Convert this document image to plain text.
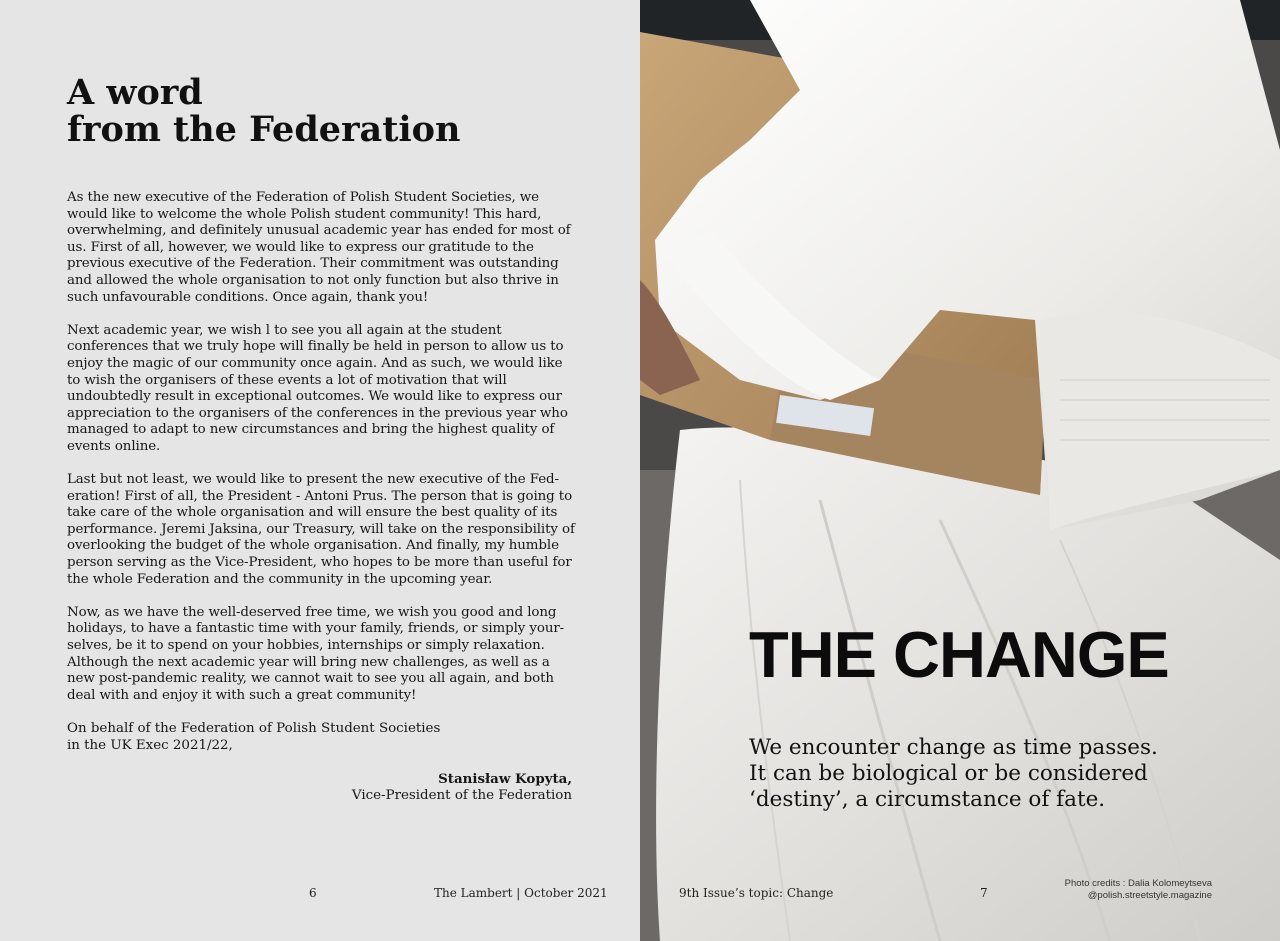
A word
from the Federation

As the new executive of the Federation of Polish Student Societies, we would like to welcome the whole Polish student community! This hard, overwhelming, and definitely unusual academic year has ended for most of us. First of all, however, we would like to express our gratitude to the previous executive of the Federation. Their commitment was outstanding and allowed the whole organisation to not only function but also thrive in such unfavourable conditions. Once again, thank you!

Next academic year, we wish l to see you all again at the student conferences that we truly hope will finally be held in person to allow us to enjoy the magic of our community once again. And as such, we would like to wish the organisers of these events a lot of motivation that will undoubtedly result in exceptional outcomes. We would like to express our appreciation to the organisers of the conferences in the previous year who managed to adapt to new circumstances and bring the highest quality of events online.

Last but not least, we would like to present the new executive of the Federation! First of all, the President - Antoni Prus. The person that is going to take care of the whole organisation and will ensure the best quality of its performance. Jeremi Jaksina, our Treasury, will take on the responsibility of overlooking the budget of the whole organisation. And finally, my humble person serving as the Vice-President, who hopes to be more than useful for the whole Federation and the community in the upcoming year.

Now, as we have the well-deserved free time, we wish you good and long holidays, to have a fantastic time with your family, friends, or simply yourselves, be it to spend on your hobbies, internships or simply relaxation. Although the next academic year will bring new challenges, as well as a new post-pandemic reality, we cannot wait to see you all again, and both deal with and enjoy it with such a great community!

On behalf of the Federation of Polish Student Societies
in the UK Exec 2021/22,
Stanisław Kopyta,
Vice-President of the Federation
6	The Lambert | October 2021
THE CHANGE
We encounter change as time passes.
It can be biological or be considered
‘destiny’, a circumstance of fate.
9th Issue’s topic: Change	7
Photo credits : Dalia Kolomeytseva
@polish.streetstyle.magazine
